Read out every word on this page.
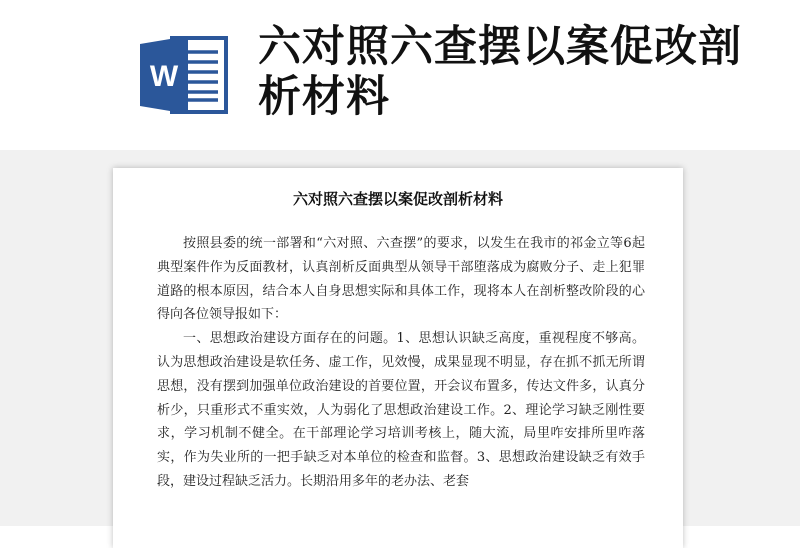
W
六对照六查摆以案促改剖析材料
六对照六查摆以案促改剖析材料

按照县委的统一部署和“六对照、六查摆”的要求，以发生在我市的祁金立等6起典型案件作为反面教材，认真剖析反面典型从领导干部堕落成为腐败分子、走上犯罪道路的根本原因，结合本人自身思想实际和具体工作，现将本人在剖析整改阶段的心得向各位领导报如下：

一、思想政治建设方面存在的问题。1、思想认识缺乏高度，重视程度不够高。认为思想政治建设是软任务、虚工作，见效慢，成果显现不明显，存在抓不抓无所谓思想，没有摆到加强单位政治建设的首要位置，开会议布置多，传达文件多，认真分析少，只重形式不重实效，人为弱化了思想政治建设工作。2、理论学习缺乏刚性要求，学习机制不健全。在干部理论学习培训考核上，随大流，局里咋安排所里咋落实，作为失业所的一把手缺乏对本单位的检查和监督。3、思想政治建设缺乏有效手段，建设过程缺乏活力。长期沿用多年的老办法、老套
